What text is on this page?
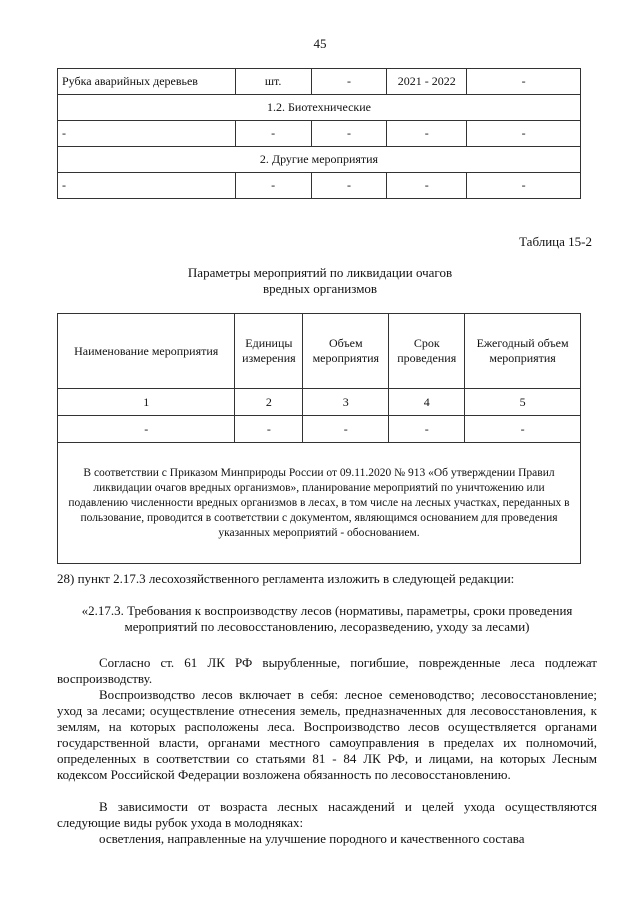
45
Рубка аварийных деревьев	шт.	-	2021 - 2022	-
1.2. Биотехнические				
-	-	-	-	-
2. Другие мероприятия				
-	-	-	-	-
Таблица 15-2
Параметры мероприятий по ликвидации очагов
вредных организмов
Наименование мероприятия	Единицы измерения	Объем мероприятия	Срок проведения	Ежегодный объем мероприятия
1	2	3	4	5
-	-	-	-	-
В соответствии с Приказом Минприроды России от 09.11.2020 № 913 «Об утверждении Правил ликвидации очагов вредных организмов», планирование мероприятий по уничтожению или подавлению численности вредных организмов в лесах, в том числе на лесных участках, переданных в пользование, проводится в соответствии с документом, являющимся основанием для проведения указанных мероприятий - обоснованием.				

28) пункт 2.17.3 лесохозяйственного регламента изложить в следующей редакции:

«2.17.3. Требования к воспроизводству лесов (нормативы, параметры, сроки проведения мероприятий по лесовосстановлению, лесоразведению, уходу за лесами)

Согласно ст. 61 ЛК РФ вырубленные, погибшие, поврежденные леса подлежат воспроизводству.

Воспроизводство лесов включает в себя: лесное семеноводство; лесовосстановление; уход за лесами; осуществление отнесения земель, предназначенных для лесовосстановления, к землям, на которых расположены леса. Воспроизводство лесов осуществляется органами государственной власти, органами местного самоуправления в пределах их полномочий, определенных в соответствии со статьями 81 - 84 ЛК РФ, и лицами, на которых Лесным кодексом Российской Федерации возложена обязанность по лесовосстановлению.

В зависимости от возраста лесных насаждений и целей ухода осуществляются следующие виды рубок ухода в молодняках:

осветления, направленные на улучшение породного и качественного состава
